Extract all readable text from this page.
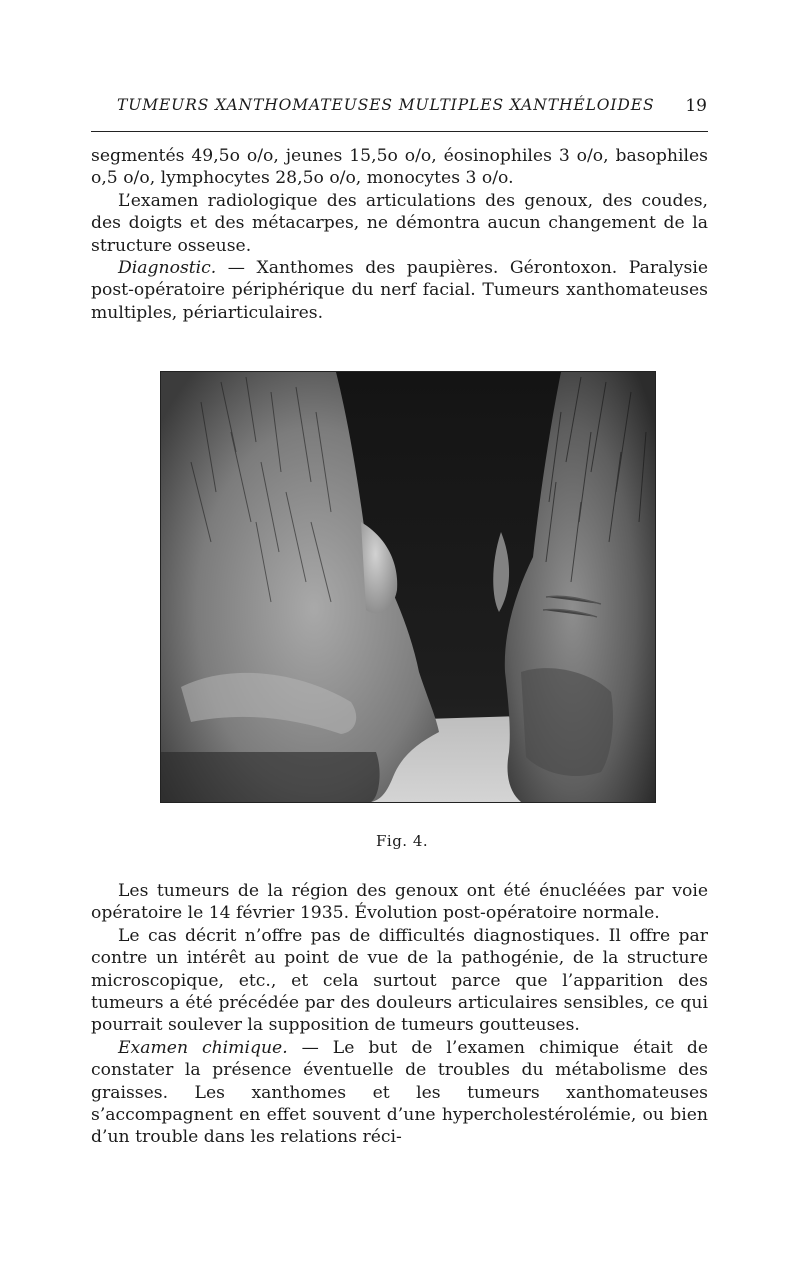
TUMEURS XANTHOMATEUSES MULTIPLES XANTHÉLOIDES 19

segmentés 49,5o o/o, jeunes 15,5o o/o, éosinophiles 3 o/o, basophiles o,5 o/o, lymphocytes 28,5o o/o, monocytes 3 o/o.

L’examen radiologique des articulations des genoux, des coudes, des doigts et des métacarpes, ne démontra aucun changement de la structure osseuse.

Diagnostic. — Xanthomes des paupières. Gérontoxon. Paralysie post-opératoire périphérique du nerf facial. Tumeurs xanthomateuses multiples, périarticulaires.

Fig. 4.

Les tumeurs de la région des genoux ont été énucléées par voie opératoire le 14 février 1935. Évolution post-opératoire normale.

Le cas décrit n’offre pas de difficultés diagnostiques. Il offre par contre un intérêt au point de vue de la pathogénie, de la structure microscopique, etc., et cela surtout parce que l’apparition des tumeurs a été précédée par des douleurs articulaires sensibles, ce qui pourrait soulever la supposition de tumeurs goutteuses.

Examen chimique. — Le but de l’examen chimique était de constater la présence éventuelle de troubles du métabolisme des graisses. Les xanthomes et les tumeurs xanthomateuses s’accompagnent en effet souvent d’une hypercholestérolémie, ou bien d’un trouble dans les relations réci-
